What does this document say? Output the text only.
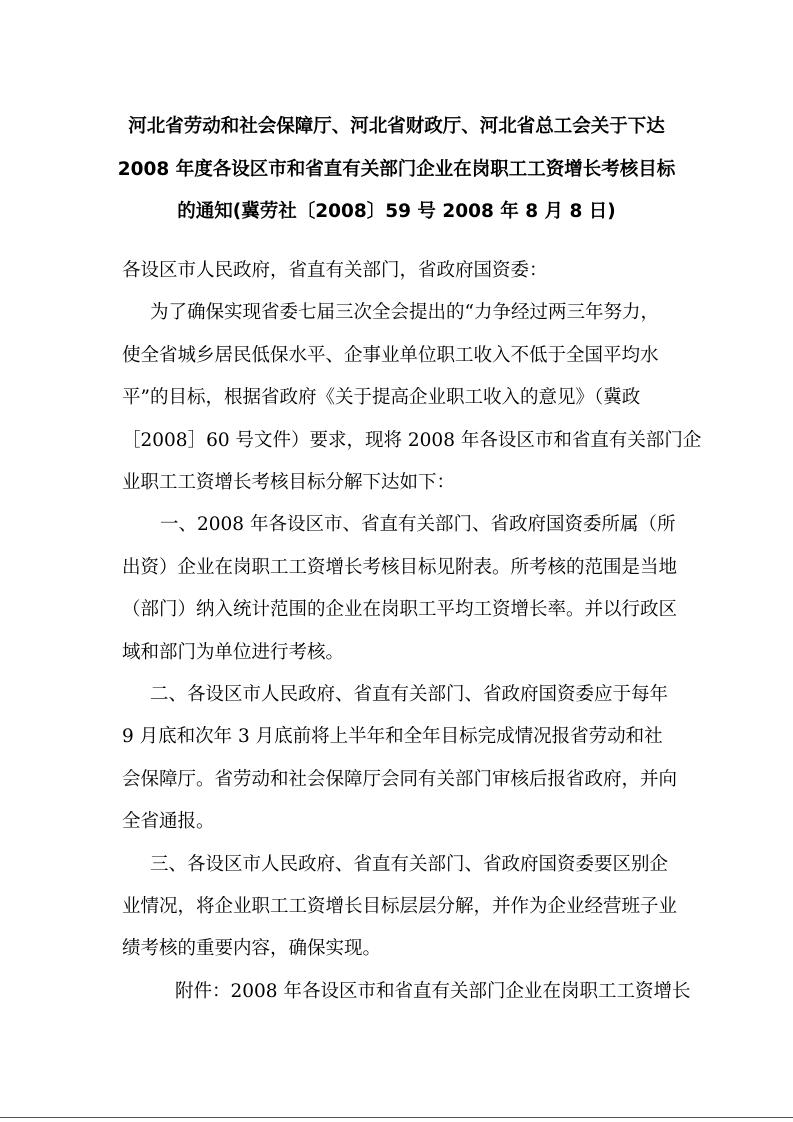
河北省劳动和社会保障厅、河北省财政厅、河北省总工会关于下达
2008 年度各设区市和省直有关部门企业在岗职工工资增长考核目标
的通知(冀劳社〔2008〕59 号 2008 年 8 月 8 日)
各设区市人民政府，省直有关部门，省政府国资委：
为了确保实现省委七届三次全会提出的“力争经过两三年努力，
使全省城乡居民低保水平、企事业单位职工收入不低于全国平均水
平”的目标，根据省政府《关于提高企业职工收入的意见》（冀政
［2008］60 号文件）要求，现将 2008 年各设区市和省直有关部门企
业职工工资增长考核目标分解下达如下：
一、2008 年各设区市、省直有关部门、省政府国资委所属（所
出资）企业在岗职工工资增长考核目标见附表。所考核的范围是当地
（部门）纳入统计范围的企业在岗职工平均工资增长率。并以行政区
域和部门为单位进行考核。
二、各设区市人民政府、省直有关部门、省政府国资委应于每年
9 月底和次年 3 月底前将上半年和全年目标完成情况报省劳动和社
会保障厅。省劳动和社会保障厅会同有关部门审核后报省政府，并向
全省通报。
三、各设区市人民政府、省直有关部门、省政府国资委要区别企
业情况，将企业职工工资增长目标层层分解，并作为企业经营班子业
绩考核的重要内容，确保实现。
附件：2008 年各设区市和省直有关部门企业在岗职工工资增长
